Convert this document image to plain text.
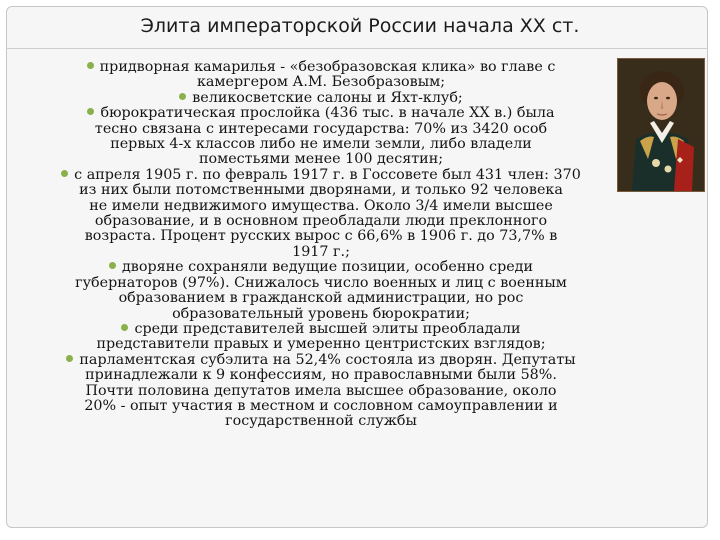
Элита императорской России начала XX ст.
придворная камарилья - «безобразовская клика» во главе с
камергером А.М. Безобразовым;
великосветские салоны и Яхт-клуб;
бюрократическая прослойка (436 тыс. в начале XX в.) была
тесно связана с интересами государства: 70% из 3420 особ
первых 4-х классов либо не имели земли, либо владели
поместьями менее 100 десятин;
с апреля 1905 г. по февраль 1917 г. в Госсовете был 431 член: 370
из них были потомственными дворянами, и только 92 человека
не имели недвижимого имущества. Около 3/4 имели высшее
образование, и в основном преобладали люди преклонного
возраста. Процент русских вырос с 66,6% в 1906 г. до 73,7% в
1917 г.;
дворяне сохраняли ведущие позиции, особенно среди
губернаторов (97%). Снижалось число военных и лиц с военным
образованием в гражданской администрации, но рос
образовательный уровень бюрократии;
среди представителей высшей элиты преобладали
представители правых и умеренно центристских взглядов;
парламентская субэлита на 52,4% состояла из дворян. Депутаты
принадлежали к 9 конфессиям, но православными были 58%.
Почти половина депутатов имела высшее образование, около
20% - опыт участия в местном и сословном самоуправлении и
государственной службы
